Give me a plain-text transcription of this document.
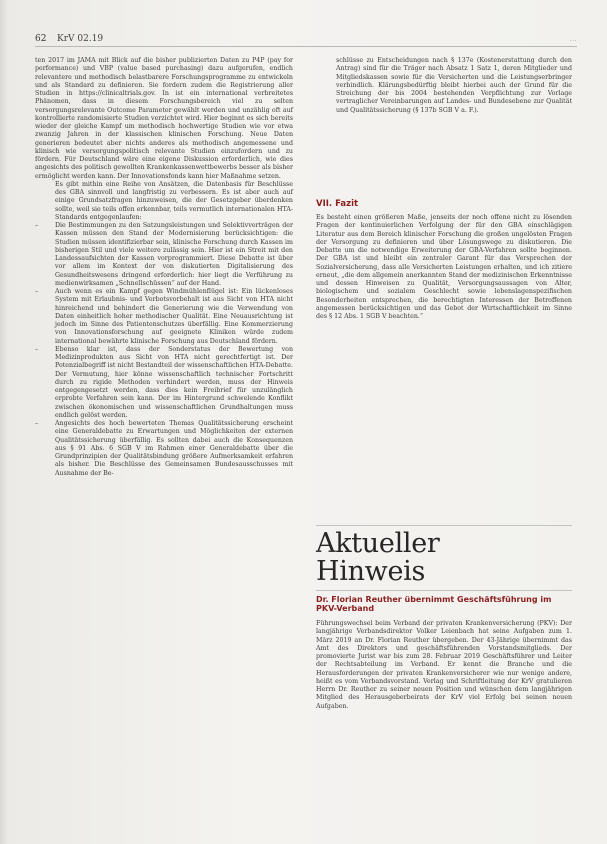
62 KrV 02.19	...

ten 2017 im JAMA mit Blick auf die bisher publizierten Daten zu P4P (pay for performance) und VBP (value based purchasing) dazu aufgerufen, endlich relevantere und methodisch belastbarere Forschungsprogramme zu entwickeln und als Standard zu definieren. Sie fordern zudem die Registrierung aller Studien in https://clinicaltrials.gov. In ist ein international verbreitetes Phänomen, dass in diesem Forschungsbereich viel zu selten versorgungsrelevante Outcome Parameter gewählt werden und unzählig oft auf kontrollierte randomisierte Studien verzichtet wird. Hier beginnt es sich bereits wieder der gleiche Kampf um methodisch hochwertige Studien wie vor etwa zwanzig Jahren in der klassischen klinischen Forschung. Neue Daten generieren bedeutet aber nichts anderes als methodisch angemessene und klinisch wie versorgungspolitisch relevante Studien einzufordern und zu fördern. Für Deutschland wäre eine eigene Diskussion erforderlich, wie dies angesichts des politisch gewollten Krankenkassenwettbewerbs besser als bisher ermöglicht werden kann. Der Innovationsfonds kann hier Maßnahme setzen.

Es gibt mithin eine Reihe von Ansätzen, die Datenbasis für Beschlüsse des GBA sinnvoll und langfristig zu verbessern. Es ist aber auch auf einige Grundsatzfragen hinzuweisen, die der Gesetzgeber überdenken sollte, weil sie teils offen erkennbar, teils vermutlich internationalen HTA-Standards entgegenlaufen:

– Die Bestimmungen zu den Satzungsleistungen und Selektivverträgen der Kassen müssen den Stand der Modernisierung berücksichtigen: die Studien müssen identifizierbar sein, klinische Forschung durch Kassen im bisherigen Stil und viele weitere zulässig sein. Hier ist ein Streit mit den Landessaufsichten der Kassen vorprogrammiert. Diese Debatte ist über vor allem im Kontext der von diskutierten Digitalisierung des Gesundheitswesens dringend erforderlich: hier liegt die Verführung zu medienwirksamen „Schnellschüssen“ auf der Hand.
– Auch wenn es ein Kampf gegen Windmühlenflügel ist: Ein lückenloses System mit Erlaubnis- und Verbotsvorbehalt ist aus Sicht von HTA nicht hinreichend und behindert die Generierung wie die Verwendung von Daten einheitlich hoher methodischer Qualität. Eine Neuausrichtung ist jedoch im Sinne des Patientenschutzes überfällig. Eine Kommerzierung von Innovationsforschung auf geeignete Kliniken würde zudem international bewährte klinische Forschung aus Deutschland fördern.
– Ebenso klar ist, dass der Sonderstatus der Bewertung von Medizinprodukten aus Sicht von HTA nicht gerechtfertigt ist. Der Potenzialbegriff ist nicht Bestandteil der wissenschaftlichen HTA-Debatte. Der Vermutung, hier könne wissenschaftlich technischer Fortschritt durch zu rigide Methoden verhindert werden, muss der Hinweis entgegengesetzt werden, dass dies kein Freibrief für unzulänglich erprobte Verfahren sein kann. Der im Hintergrund schwelende Konflikt zwischen ökonomischen und wissenschaftlichen Grundhaltungen muss endlich gelöst werden.
– Angesichts des hoch bewerteten Themas Qualitätssicherung erscheint eine Generaldebatte zu Erwartungen und Möglichkeiten der externen Qualitätssicherung überfällig. Es sollten dabei auch die Konsequenzen aus § 91 Abs. 6 SGB V im Rahmen einer Generaldebatte über die Grundprinzipien der Qualitätsbindung größere Aufmerksamkeit erfahren als bisher. Die Beschlüsse des Gemeinsamen Bundesausschusses mit Ausnahme der Be-

schlüsse zu Entscheidungen nach § 137e (Kostenerstattung durch den Antrag) sind für die Träger nach Absatz 1 Satz 1, deren Mitglieder und Mitgliedskassen sowie für die Versicherten und die Leistungserbringer verbindlich. Klärungsbedürftig bleibt hierbei auch der Grund für die Streichung der bis 2004 bestehenden Verpflichtung zur Vorlage vertraglicher Vereinbarungen auf Landes- und Bundesebene zur Qualität und Qualitätssicherung (§ 137b SGB V a. F.).

VII. Fazit
Es besteht einen größeren Maße, jenseits der noch offene nicht zu lösenden Fragen der kontinuierlichen Verfolgung der für den GBA einschlägigen Literatur aus dem Bereich klinischer Forschung die großen ungelösten Fragen der Versorgung zu definieren und über Lösungswege zu diskutieren. Die Debatte um die notwendige Erweiterung der GBA-Verfahren sollte beginnen. Der GBA ist und bleibt ein zentraler Garant für das Versprechen der Sozialversicherung, dass alle Versicherten Leistungen erhalten, und ich zitiere erneut, „die dem allgemein anerkannten Stand der medizinischen Erkenntnisse und dessen Hinweisen zu Qualität, Versorgungsaussagen von Alter, biologischem und sozialem Geschlecht sowie lebenslagenspezifischen Besonderheiten entsprechen, die berechtigten Interessen der Betroffenen angemessen berücksichtigen und das Gebot der Wirtschaftlichkeit im Sinne des § 12 Abs. 1 SGB V beachten.“
Aktueller
Hinweis
Dr. Florian Reuther übernimmt Geschäftsführung im PKV-Verband
Führungswechsel beim Verband der privaten Krankenversicherung (PKV): Der langjährige Verbandsdirektor Volker Leienbach hat seine Aufgaben zum 1. März 2019 an Dr. Florian Reuther übergeben. Der 43-Jährige übernimmt das Amt des Direktors und geschäftsführenden Vorstandsmitglieds. Der promovierte Jurist war bis zum 28. Februar 2019 Geschäftsführer und Leiter der Rechtsabteilung im Verband. Er kennt die Branche und die Herausforderungen der privaten Krankenversicherer wie nur wenige andere, heißt es vom Verbandsvorstand. Verlag und Schriftleitung der KrV gratulieren Herrn Dr. Reuther zu seiner neuen Position und wünschen dem langjährigen Mitglied des Herausgeberbeirats der KrV viel Erfolg bei seinen neuen Aufgaben.
